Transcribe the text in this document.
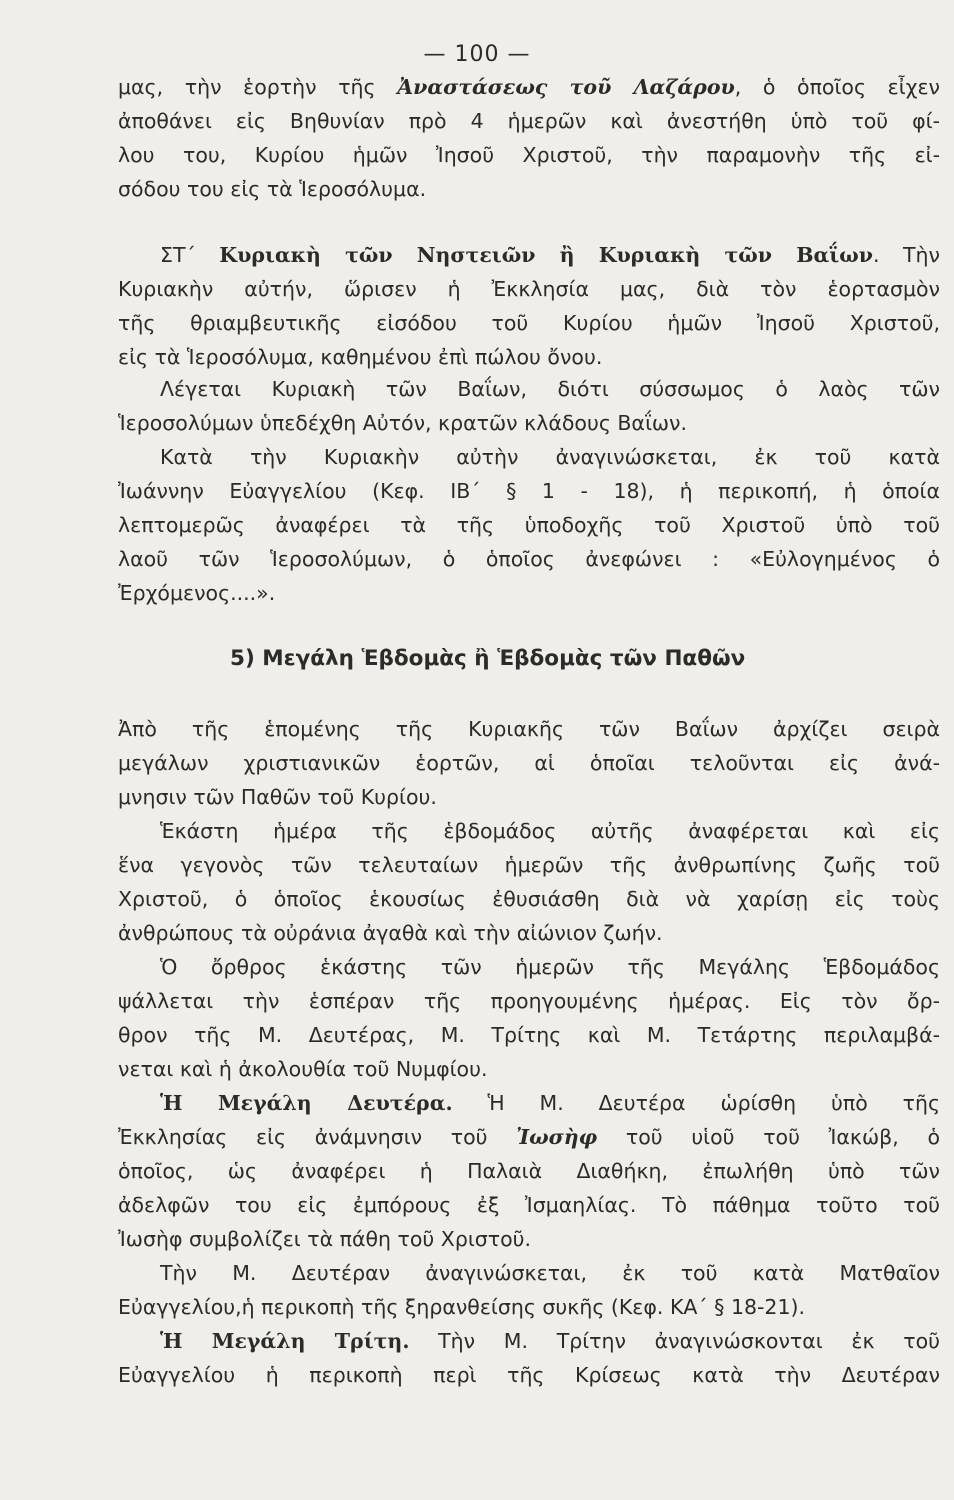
— 100 —
μας, τὴν ἑορτὴν τῆς Ἀναστάσεως τοῦ Λαζάρου, ὁ ὁποῖος εἶχεν
ἀποθάνει εἰς Βηθυνίαν πρὸ 4 ἡμερῶν καὶ ἀνεστήθη ὑπὸ τοῦ φί-
λου του, Κυρίου ἡμῶν Ἰησοῦ Χριστοῦ, τὴν παραμονὴν τῆς εἰ-
σόδου του εἰς τὰ Ἱεροσόλυμα.
ΣΤ΄ Κυριακὴ τῶν Νηστειῶν ἢ Κυριακὴ τῶν Βαΐων. Τὴν
Κυριακὴν αὐτήν, ὥρισεν ἡ Ἐκκλησία μας, διὰ τὸν ἑορτασμὸν
τῆς θριαμβευτικῆς εἰσόδου τοῦ Κυρίου ἡμῶν Ἰησοῦ Χριστοῦ,
εἰς τὰ Ἱεροσόλυμα, καθημένου ἐπὶ πώλου ὄνου.
Λέγεται Κυριακὴ τῶν Βαΐων, διότι σύσσωμος ὁ λαὸς τῶν
Ἱεροσολύμων ὑπεδέχθη Αὐτόν, κρατῶν κλάδους Βαΐων.
Κατὰ τὴν Κυριακὴν αὐτὴν ἀναγινώσκεται, ἐκ τοῦ κατὰ
Ἰωάννην Εὐαγγελίου (Κεφ. ΙΒ΄ § 1 - 18), ἡ περικοπή, ἡ ὁποία
λεπτομερῶς ἀναφέρει τὰ τῆς ὑποδοχῆς τοῦ Χριστοῦ ὑπὸ τοῦ
λαοῦ τῶν Ἱεροσολύμων, ὁ ὁποῖος ἀνεφώνει : «Εὐλογημένος ὁ
Ἐρχόμενος....».
5) Μεγάλη Ἑβδομὰς ἢ Ἑβδομὰς τῶν Παθῶν
Ἀπὸ τῆς ἑπομένης τῆς Κυριακῆς τῶν Βαΐων ἀρχίζει σειρὰ
μεγάλων χριστιανικῶν ἑορτῶν, αἱ ὁποῖαι τελοῦνται εἰς ἀνά-
μνησιν τῶν Παθῶν τοῦ Κυρίου.
Ἑκάστη ἡμέρα τῆς ἑβδομάδος αὐτῆς ἀναφέρεται καὶ εἰς
ἕνα γεγονὸς τῶν τελευταίων ἡμερῶν τῆς ἀνθρωπίνης ζωῆς τοῦ
Χριστοῦ, ὁ ὁποῖος ἑκουσίως ἐθυσιάσθη διὰ νὰ χαρίσῃ εἰς τοὺς
ἀνθρώπους τὰ οὐράνια ἀγαθὰ καὶ τὴν αἰώνιον ζωήν.
Ὁ ὄρθρος ἑκάστης τῶν ἡμερῶν τῆς Μεγάλης Ἑβδομάδος
ψάλλεται τὴν ἑσπέραν τῆς προηγουμένης ἡμέρας. Εἰς τὸν ὄρ-
θρον τῆς Μ. Δευτέρας, Μ. Τρίτης καὶ Μ. Τετάρτης περιλαμβά-
νεται καὶ ἡ ἀκολουθία τοῦ Νυμφίου.
Ἡ Μεγάλη Δευτέρα. Ἡ Μ. Δευτέρα ὡρίσθη ὑπὸ τῆς
Ἐκκλησίας εἰς ἀνάμνησιν τοῦ Ἰωσὴφ τοῦ υἱοῦ τοῦ Ἰακώβ, ὁ
ὁποῖος, ὡς ἀναφέρει ἡ Παλαιὰ Διαθήκη, ἐπωλήθη ὑπὸ τῶν
ἀδελφῶν του εἰς ἐμπόρους ἐξ Ἰσμαηλίας. Τὸ πάθημα τοῦτο τοῦ
Ἰωσὴφ συμβολίζει τὰ πάθη τοῦ Χριστοῦ.
Τὴν Μ. Δευτέραν ἀναγινώσκεται, ἐκ τοῦ κατὰ Ματθαῖον
Εὐαγγελίου,ἡ περικοπὴ τῆς ξηρανθείσης συκῆς (Κεφ. ΚΑ΄ § 18-21).
Ἡ Μεγάλη Τρίτη. Τὴν Μ. Τρίτην ἀναγινώσκονται ἐκ τοῦ
Εὐαγγελίου ἡ περικοπὴ περὶ τῆς Κρίσεως κατὰ τὴν Δευτέραν
